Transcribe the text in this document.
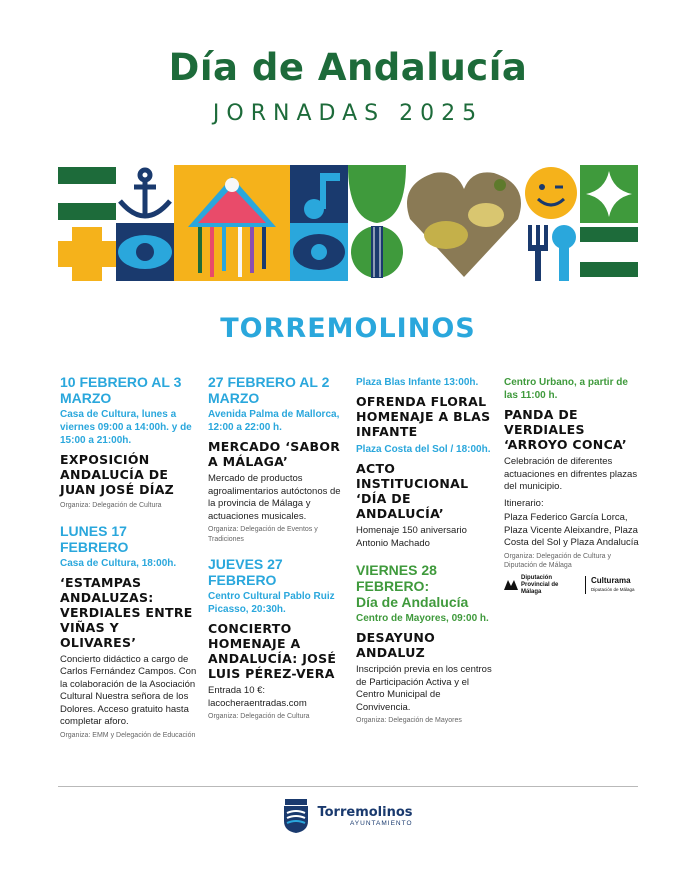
Día de Andalucía
JORNADAS 2025
TORREMOLINOS

10 FEBRERO AL 3 MARZO

Casa de Cultura, lunes a viernes 09:00 a 14:00h. y de 15:00 a 21:00h.

EXPOSICIÓN ANDALUCÍA DE JUAN JOSÉ DÍAZ

Organiza: Delegación de Cultura

LUNES 17 FEBRERO

Casa de Cultura, 18:00h.

‘ESTAMPAS ANDALUZAS: VERDIALES ENTRE VIÑAS Y OLIVARES’

Concierto didáctico a cargo de Carlos Fernández Campos. Con la colaboración de la Asociación Cultural Nuestra señora de los Dolores. Acceso gratuito hasta completar aforo.

Organiza: EMM y Delegación de Educación

27 FEBRERO AL 2 MARZO

Avenida Palma de Mallorca, 12:00 a 22:00 h.

MERCADO ‘SABOR A MÁLAGA’

Mercado de productos agroalimentarios autóctonos de la provincia de Málaga y actuaciones musicales.

Organiza: Delegación de Eventos y Tradiciones

JUEVES 27 FEBRERO

Centro Cultural Pablo Ruiz Picasso, 20:30h.

CONCIERTO HOMENAJE A ANDALUCÍA: JOSÉ LUIS PÉREZ-VERA

Entrada 10 €: lacocheraentradas.com

Organiza: Delegación de Cultura

Plaza Blas Infante 13:00h.

OFRENDA FLORAL HOMENAJE A BLAS INFANTE

Plaza Costa del Sol / 18:00h.

ACTO INSTITUCIONAL ‘DÍA DE ANDALUCÍA’

Homenaje 150 aniversario Antonio Machado

VIERNES 28 FEBRERO:

Día de Andalucía

Centro de Mayores, 09:00 h.

DESAYUNO ANDALUZ

Inscripción previa en los centros de Participación Activa y el Centro Municipal de Convivencia.

Organiza: Delegación de Mayores

Centro Urbano, a partir de las 11:00 h.

PANDA DE VERDIALES ‘ARROYO CONCA’

Celebración de diferentes actuaciones en difrentes plazas del municipio.

Itinerario:

Plaza Federico García Lorca, Plaza Vicente Aleixandre, Plaza Costa del Sol y Plaza Andalucía

Organiza: Delegación de Cultura y Diputación de Málaga

Diputación Provincial de Málaga
Culturama
Diputación de Málaga
Torremolinos
AYUNTAMIENTO
